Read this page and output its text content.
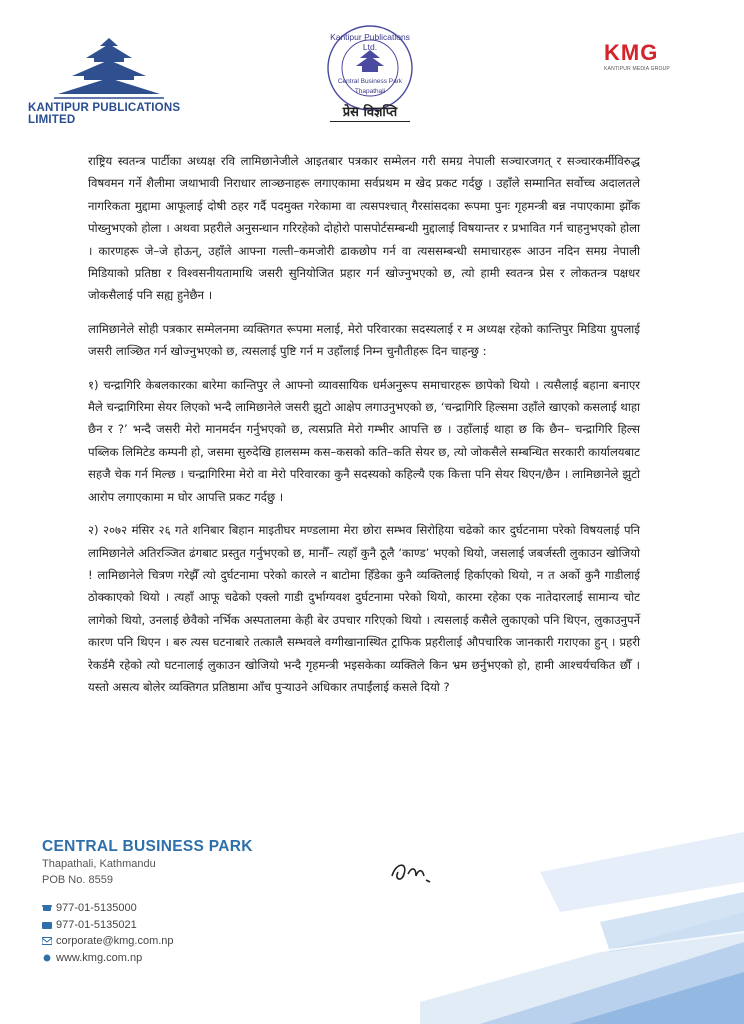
KANTIPUR PUBLICATIONS LIMITED
Kantipur Publications Ltd.
Central Business Park
Thapathali
प्रेस विज्ञप्ति
KMG
KANTIPUR MEDIA GROUP

राष्ट्रिय स्वतन्त्र पार्टीका अध्यक्ष रवि लामिछानेजीले आइतबार पत्रकार सम्मेलन गरी समग्र नेपाली सञ्चारजगत् र सञ्चारकर्मीविरुद्ध विषवमन गर्ने शैलीमा जथाभावी निराधार लाञ्छनाहरू लगाएकामा सर्वप्रथम म खेद प्रकट गर्दछु । उहाँले सम्मानित सर्वोच्च अदालतले नागरिकता मुद्दामा आफूलाई दोषी ठहर गर्दै पदमुक्त गरेकामा वा त्यसपश्चात् गैरसांसदका रूपमा पुनः गृहमन्त्री बन्न नपाएकामा झोँक पोख्नुभएको होला । अथवा प्रहरीले अनुसन्धान गरिरहेको दोहोरो पासपोर्टसम्बन्धी मुद्दालाई विषयान्तर र प्रभावित गर्न चाहनुभएको होला । कारणहरू जे–जे होऊन्, उहाँले आफ्ना गल्ती–कमजोरी ढाकछोप गर्न वा त्यससम्बन्धी समाचारहरू आउन नदिन समग्र नेपाली मिडियाको प्रतिष्ठा र विश्वसनीयतामाथि जसरी सुनियोजित प्रहार गर्न खोज्नुभएको छ, त्यो हामी स्वतन्त्र प्रेस र लोकतन्त्र पक्षधर जोकसैलाई पनि सह्य हुनेछैन ।

लामिछानेले सोही पत्रकार सम्मेलनमा व्यक्तिगत रूपमा मलाई, मेरो परिवारका सदस्यलाई र म अध्यक्ष रहेको कान्तिपुर मिडिया ग्रुपलाई जसरी लाञ्छित गर्न खोज्नुभएको छ, त्यसलाई पुष्टि गर्न म उहाँलाई निम्न चुनौतीहरू दिन चाहन्छु :

१) चन्द्रागिरि केबलकारका बारेमा कान्तिपुर ले आफ्नो व्यावसायिक धर्मअनुरूप समाचारहरू छापेको थियो । त्यसैलाई बहाना बनाएर मैले चन्द्रागिरिमा सेयर लिएको भन्दै लामिछानेले जसरी झुटो आक्षेप लगाउनुभएको छ, ‘चन्द्रागिरि हिल्समा उहाँले खाएको कसलाई थाहा छैन र ?’ भन्दै जसरी मेरो मानमर्दन गर्नुभएको छ, त्यसप्रति मेरो गम्भीर आपत्ति छ । उहाँलाई थाहा छ कि छैन– चन्द्रागिरि हिल्स पब्लिक लिमिटेड कम्पनी हो, जसमा सुरुदेखि हालसम्म कस–कसको कति–कति सेयर छ, त्यो जोकसैले सम्बन्धित सरकारी कार्यालयबाट सहजै चेक गर्न मिल्छ । चन्द्रागिरिमा मेरो वा मेरो परिवारका कुनै सदस्यको कहिल्यै एक कित्ता पनि सेयर थिएन/छैन । लामिछानेले झुटो आरोप लगाएकामा म घोर आपत्ति प्रकट गर्दछु ।

२) २०७२ मंसिर २६ गते शनिबार बिहान माइतीघर मण्डलामा मेरा छोरा सम्भव सिरोहिया चढेको कार दुर्घटनामा परेको विषयलाई पनि लामिछानेले अतिरञ्जित ढंगबाट प्रस्तुत गर्नुभएको छ, मानौँ– त्यहाँ कुनै ठूलै ‘काण्ड’ भएको थियो, जसलाई जबर्जस्ती लुकाउन खोजियो ! लामिछानेले चित्रण गरेझैँ त्यो दुर्घटनामा परेको कारले न बाटोमा हिँडेका कुनै व्यक्तिलाई हिर्काएको थियो, न त अर्को कुनै गाडीलाई ठोक्काएको थियो । त्यहाँ आफू चढेको एक्लो गाडी दुर्भाग्यवश दुर्घटनामा परेको थियो, कारमा रहेका एक नातेदारलाई सामान्य चोट लागेको थियो, उनलाई छेवैको नर्भिक अस्पतालमा केही बेर उपचार गरिएको थियो । त्यसलाई कसैले लुकाएको पनि थिएन, लुकाउनुपर्ने कारण पनि थिएन । बरु त्यस घटनाबारे तत्कालै सम्भवले वग्गीखानास्थित ट्राफिक प्रहरीलाई औपचारिक जानकारी गराएका हुन् । प्रहरी रेकर्डमै रहेको त्यो घटनालाई लुकाउन खोजियो भन्दै गृहमन्त्री भइसकेका व्यक्तिले किन भ्रम छर्नुभएको हो, हामी आश्चर्यचकित छौँ । यस्तो असत्य बोलेर व्यक्तिगत प्रतिष्ठामा आँच पुर्‍याउने अधिकार तपाईंलाई कसले दियो ?

CENTRAL BUSINESS PARK
Thapathali, Kathmandu
POB No. 8559
977-01-5135000
977-01-5135021
corporate@kmg.com.np
www.kmg.com.np
